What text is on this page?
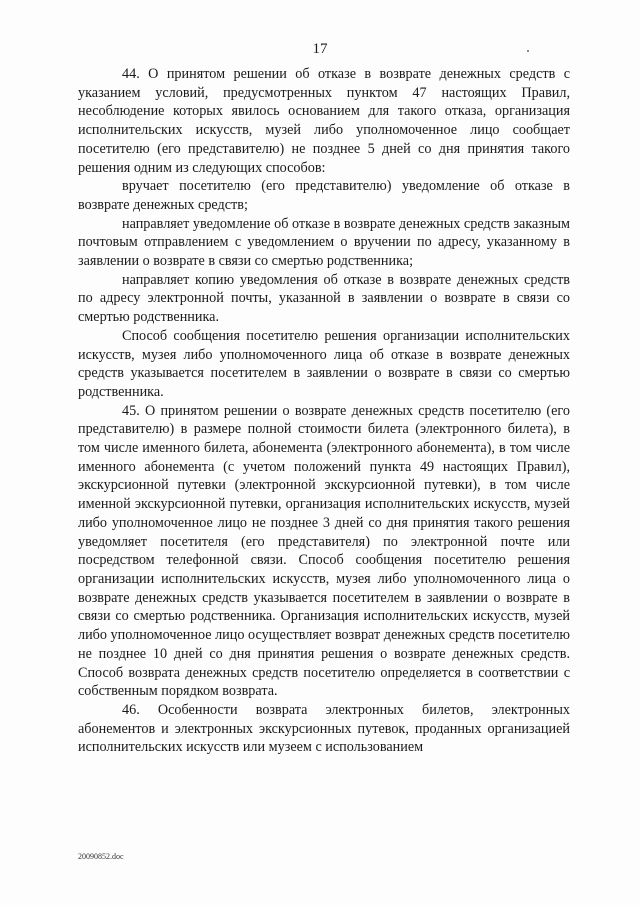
17

44. О принятом решении об отказе в возврате денежных средств с указанием условий, предусмотренных пунктом 47 настоящих Правил, несоблюдение которых явилось основанием для такого отказа, организация исполнительских искусств, музей либо уполномоченное лицо сообщает посетителю (его представителю) не позднее 5 дней со дня принятия такого решения одним из следующих способов:

вручает посетителю (его представителю) уведомление об отказе в возврате денежных средств;

направляет уведомление об отказе в возврате денежных средств заказным почтовым отправлением с уведомлением о вручении по адресу, указанному в заявлении о возврате в связи со смертью родственника;

направляет копию уведомления об отказе в возврате денежных средств по адресу электронной почты, указанной в заявлении о возврате в связи со смертью родственника.

Способ сообщения посетителю решения организации исполнительских искусств, музея либо уполномоченного лица об отказе в возврате денежных средств указывается посетителем в заявлении о возврате в связи со смертью родственника.

45. О принятом решении о возврате денежных средств посетителю (его представителю) в размере полной стоимости билета (электронного билета), в том числе именного билета, абонемента (электронного абонемента), в том числе именного абонемента (с учетом положений пункта 49 настоящих Правил), экскурсионной путевки (электронной экскурсионной путевки), в том числе именной экскурсионной путевки, организация исполнительских искусств, музей либо уполномоченное лицо не позднее 3 дней со дня принятия такого решения уведомляет посетителя (его представителя) по электронной почте или посредством телефонной связи. Способ сообщения посетителю решения организации исполнительских искусств, музея либо уполномоченного лица о возврате денежных средств указывается посетителем в заявлении о возврате в связи со смертью родственника. Организация исполнительских искусств, музей либо уполномоченное лицо осуществляет возврат денежных средств посетителю не позднее 10 дней со дня принятия решения о возврате денежных средств. Способ возврата денежных средств посетителю определяется в соответствии с собственным порядком возврата.

46. Особенности возврата электронных билетов, электронных абонементов и электронных экскурсионных путевок, проданных организацией исполнительских искусств или музеем с использованием

20090852.doc
